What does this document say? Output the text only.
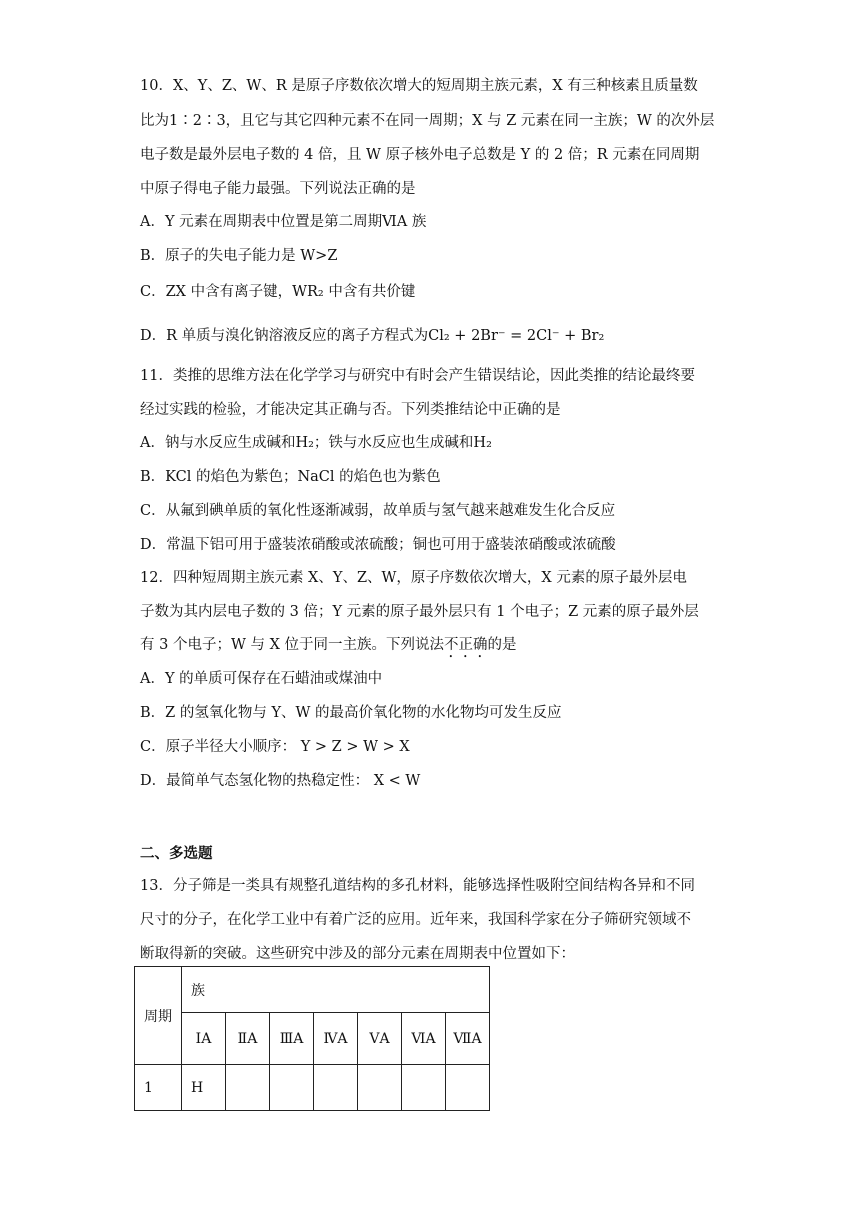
10．X、Y、Z、W、R 是原子序数依次增大的短周期主族元素，X 有三种核素且质量数
比为1∶2∶3，且它与其它四种元素不在同一周期；X 与 Z 元素在同一主族；W 的次外层
电子数是最外层电子数的 4 倍，且 W 原子核外电子总数是 Y 的 2 倍；R 元素在同周期
中原子得电子能力最强。下列说法正确的是
A．Y 元素在周期表中位置是第二周期ⅥA 族
B．原子的失电子能力是 W>Z
C．ZX 中含有离子键，WR₂ 中含有共价键
D．R 单质与溴化钠溶液反应的离子方程式为Cl₂ + 2Br⁻ = 2Cl⁻ + Br₂
11．类推的思维方法在化学学习与研究中有时会产生错误结论，因此类推的结论最终要
经过实践的检验，才能决定其正确与否。下列类推结论中正确的是
A．钠与水反应生成碱和H₂；铁与水反应也生成碱和H₂
B．KCl 的焰色为紫色；NaCl 的焰色也为紫色
C．从氟到碘单质的氧化性逐渐减弱，故单质与氢气越来越难发生化合反应
D．常温下铝可用于盛装浓硝酸或浓硫酸；铜也可用于盛装浓硝酸或浓硫酸
12．四种短周期主族元素 X、Y、Z、W，原子序数依次增大，X 元素的原子最外层电
子数为其内层电子数的 3 倍；Y 元素的原子最外层只有 1 个电子；Z 元素的原子最外层
有 3 个电子；W 与 X 位于同一主族。下列说法不正确的是
A．Y 的单质可保存在石蜡油或煤油中
B．Z 的氢氧化物与 Y、W 的最高价氧化物的水化物均可发生反应
C．原子半径大小顺序： Y > Z > W > X
D．最简单气态氢化物的热稳定性： X < W
二、多选题
13．分子筛是一类具有规整孔道结构的多孔材料，能够选择性吸附空间结构各异和不同
尺寸的分子，在化学工业中有着广泛的应用。近年来，我国科学家在分子筛研究领域不
断取得新的突破。这些研究中涉及的部分元素在周期表中位置如下：
周期	族						
	ⅠA	ⅡA	ⅢA	ⅣA	ⅤA	ⅥA	ⅦA
1	H						
